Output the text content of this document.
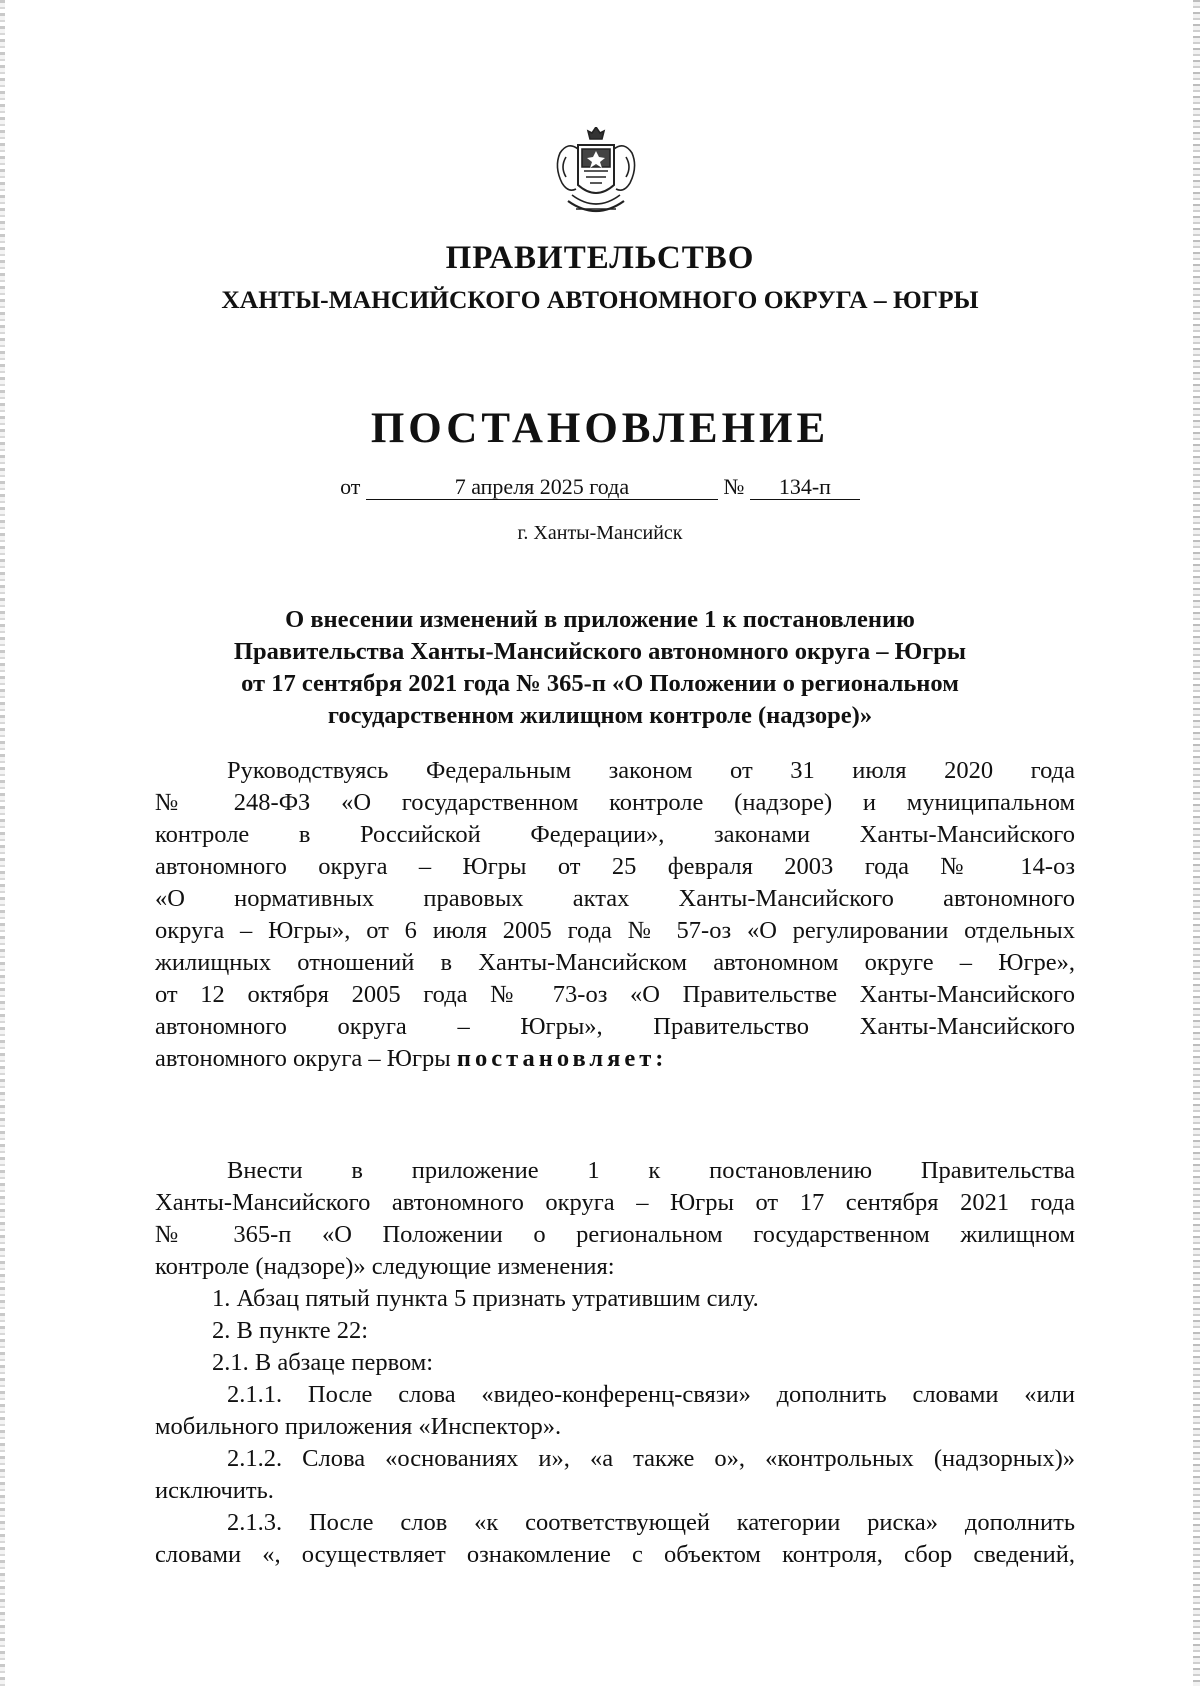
ПРАВИТЕЛЬСТВО
ХАНТЫ-МАНСИЙСКОГО АВТОНОМНОГО ОКРУГА – ЮГРЫ
ПОСТАНОВЛЕНИЕ
от	7 апреля 2025 года	№ 134-п
г. Ханты-Мансийск
О внесении изменений в приложение 1 к постановлению
Правительства Ханты-Мансийского автономного округа – Югры
от 17 сентября 2021 года № 365-п «О Положении о региональном
государственном жилищном контроле (надзоре)»
Руководствуясь Федеральным законом от 31 июля 2020 года
№ 248-ФЗ «О государственном контроле (надзоре) и муниципальном
контроле в Российской Федерации», законами Ханты-Мансийского
автономного округа – Югры от 25 февраля 2003 года № 14-оз
«О нормативных правовых актах Ханты-Мансийского автономного
округа – Югры», от 6 июля 2005 года № 57-оз «О регулировании отдельных
жилищных отношений в Ханты-Мансийском автономном округе – Югре»,
от 12 октября 2005 года № 73-оз «О Правительстве Ханты-Мансийского
автономного округа – Югры», Правительство Ханты-Мансийского
автономного округа – Югры постановляет:
Внести в приложение 1 к постановлению Правительства
Ханты-Мансийского автономного округа – Югры от 17 сентября 2021 года
№ 365-п «О Положении о региональном государственном жилищном
контроле (надзоре)» следующие изменения:
1. Абзац пятый пункта 5 признать утратившим силу.
2. В пункте 22:
2.1. В абзаце первом:
2.1.1. После слова «видео-конференц-связи» дополнить словами «или
мобильного приложения «Инспектор».
2.1.2. Слова «основаниях и», «а также о», «контрольных (надзорных)»
исключить.
2.1.3. После слов «к соответствующей категории риска» дополнить
словами «, осуществляет ознакомление с объектом контроля, сбор сведений,
